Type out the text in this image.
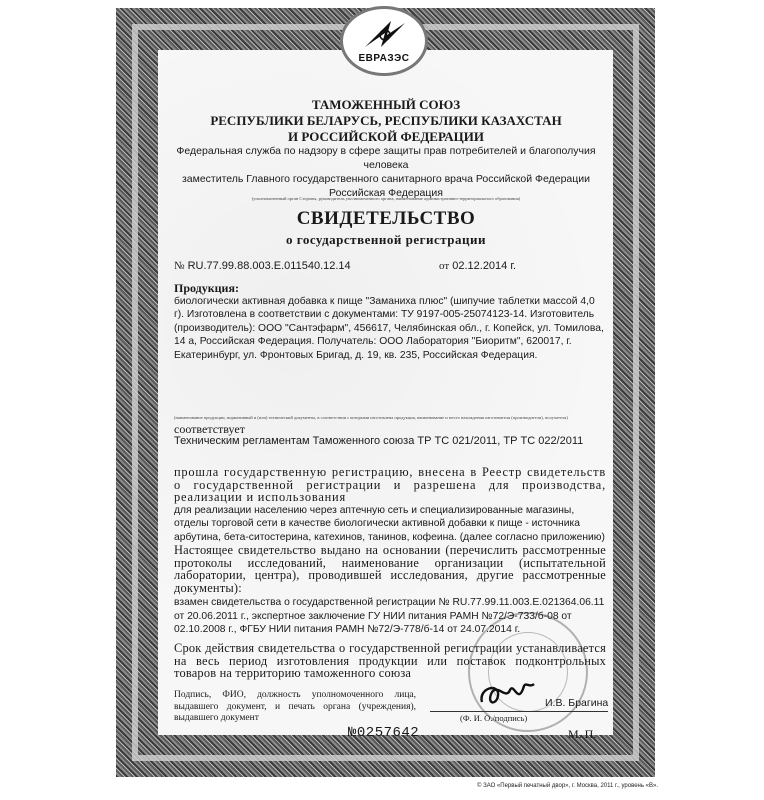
ЕВРАЗЭС
ТАМОЖЕННЫЙ СОЮЗ
РЕСПУБЛИКИ БЕЛАРУСЬ, РЕСПУБЛИКИ КАЗАХСТАН
И РОССИЙСКОЙ ФЕДЕРАЦИИ
Федеральная служба по надзору в сфере защиты прав потребителей и благополучия человека
заместитель Главного государственного санитарного врача Российской Федерации
Российская Федерация
(уполномоченный орган Стороны, руководитель уполномоченного органа, наименование административно-территориального образования)
СВИДЕТЕЛЬСТВО
о государственной регистрации
№ RU.77.99.88.003.E.011540.12.14	от 02.12.2014 г.
Продукция:
биологически активная добавка к пище "Заманиха плюс" (шипучие таблетки массой 4,0 г). Изготовлена в соответствии с документами: ТУ 9197-005-25074123-14. Изготовитель (производитель): ООО "Сантэфарм", 456617, Челябинская обл., г. Копейск, ул. Томилова, 14 а, Российская Федерация. Получатель: ООО Лаборатория "Биоритм", 620017, г. Екатеринбург, ул. Фронтовых Бригад, д. 19, кв. 235, Российская Федерация.
(наименование продукции, нормативный и (или) технический документы, в соответствии с которыми изготовлена продукция, наименование и место нахождения изготовителя (производителя), получателя)
соответствует
Техническим регламентам Таможенного союза ТР ТС 021/2011, ТР ТС 022/2011
прошла государственную регистрацию, внесена в Реестр свидетельств о государственной регистрации и разрешена для производства, реализации и использования
для реализации населению через аптечную сеть и специализированные магазины, отделы торговой сети в качестве биологически активной добавки к пище - источника арбутина, бета-ситостерина, катехинов, танинов, кофеина. (далее согласно приложению)
Настоящее свидетельство выдано на основании (перечислить рассмотренные протоколы исследований, наименование организации (испытательной лаборатории, центра), проводившей исследования, другие рассмотренные документы):
взамен свидетельства о государственной регистрации № RU.77.99.11.003.Е.021364.06.11 от 20.06.2011 г., экспертное заключение ГУ НИИ питания РАМН №72/Э-733/б-08 от 02.10.2008 г., ФГБУ НИИ питания РАМН №72/Э-778/б-14 от 24.07.2014 г.
Срок действия свидетельства о государственной регистрации устанавливается на весь период изготовления продукции или поставок подконтрольных товаров на территорию таможенного союза
Подпись, ФИО, должность уполномоченного лица, выдавшего документ, и печать органа (учреждения), выдавшего документ
И.В. Брагина
(Ф. И. О./подпись)
М. П.
№0257642
© ЗАО «Первый печатный двор», г. Москва, 2011 г., уровень «В».
